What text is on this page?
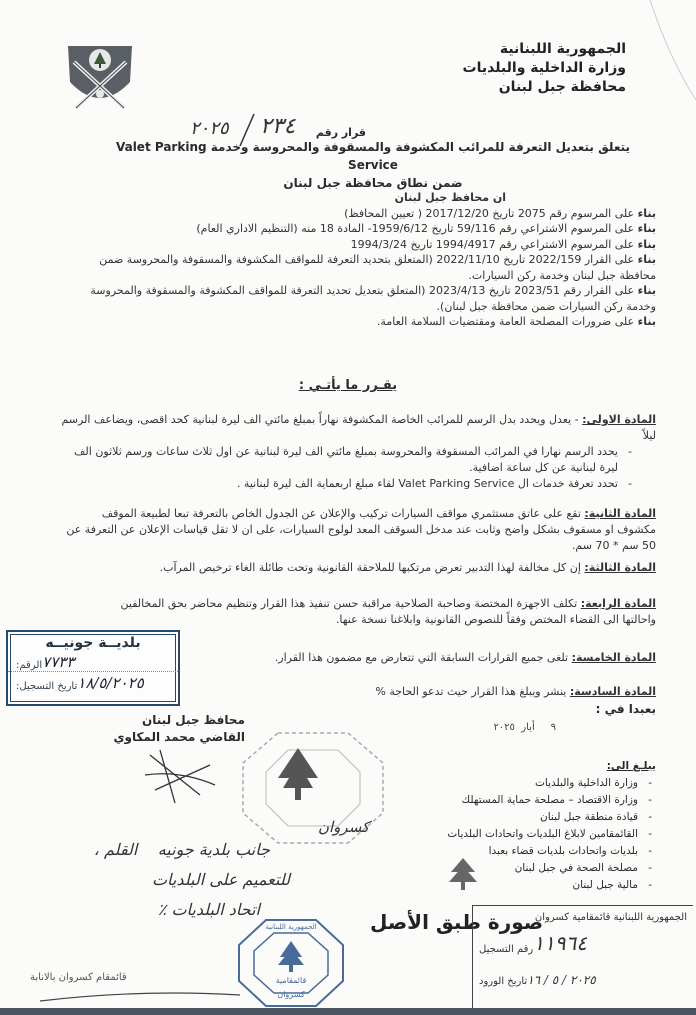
الجمهورية اللبنانية
وزارة الداخلية والبلديات
محافظة جبل لبنان
قرار رقم
٢٣٤
٢٠٢٥
يتعلق بتعديل التعرفة للمرائب المكشوفة والمسقوفة والمحروسة وخدمة Valet Parking Service
ضمن نطاق محافظة جبل لبنان
ان محافظ جبل لبنان
بناء على المرسوم رقم 2075 تاريخ 2017/12/20 ( تعيين المحافظ)
بناء على المرسوم الاشتراعي رقم 59/116 تاريخ 1959/6/12- المادة 18 منه (التنظيم الاداري العام)
بناء على المرسوم الاشتراعي رقم 1994/4917 تاريخ 1994/3/24
بناء على القرار 2022/159 تاريخ 2022/11/10 (المتعلق بتحديد التعرفة للمواقف المكشوفة والمسقوفة والمحروسة ضمن محافظة جبل لبنان وخدمة ركن السيارات.
بناء على القرار رقم 2023/51 تاريخ 2023/4/13 (المتعلق بتعديل تحديد التعرفة للمواقف المكشوفة والمسقوفة والمحروسة وخدمة ركن السيارات ضمن محافظة جبل لبنان).
بناء على ضرورات المصلحة العامة ومقتضيات السلامة العامة.
يقـرر ما يأتـي :
المادة الاولى: - يعدل ويحدد بدل الرسم للمرائب الخاصة المكشوفة نهاراً بمبلغ مائتي الف ليرة لبنانية كحد اقصى، ويضاعف الرسم ليلاً
- يحدد الرسم نهارا في المرائب المسقوفة والمحروسة بمبلغ مائتي الف ليرة لبنانية عن اول ثلاث ساعات ورسم ثلاثون الف ليرة لبنانية عن كل ساعة اضافية.
- تحدد تعرفة خدمات ال Valet Parking Service لقاء مبلغ اربعماية الف ليرة لبنانية .
المادة الثانية: تقع على عاتق مستثمري مواقف السيارات تركيب والإعلان عن الجدول الخاص بالتعرفة تبعا لطبيعة الموقف مكشوف او مسقوف بشكل واضح وثابت عند مدخل السوقف المعد لولوج السيارات، على ان لا تقل قياسات الإعلان عن التعرفة عن 50 سم * 70 سم.
المادة الثالثة: إن كل مخالفة لهذا التدبير تعرض مرتكبها للملاحقة القانونية وتحت طائلة الغاء ترخيص المرآب.
المادة الرابعة: تكلف الاجهزة المختصة وصاحبة الصلاحية مراقبة حسن تنفيذ هذا القرار وتنظيم محاضر بحق المخالفين واحالتها الى القضاء المختص وفقاً للنصوص القانونية وابلاغنا نسخة عنها.
المادة الخامسة: تلغى جميع القرارات السابقة التي تتعارض مع مضمون هذا القرار.
المادة السادسة: ينشر ويبلغ هذا القرار حيث تدعو الحاجة %
بعبدا في :
٩     أيار  ٢٠٢٥
بلديــة جونيــه
الرقم: ٧٧٣٣
تاريخ التسجيل: ١٨/٥/٢٠٢٥
محافظ جبل لبنان
القاضي محمد المكاوي
كسروان
يبلـغ الى:
- وزارة الداخلية والبلديات
- وزارة الاقتصاد – مصلحة حماية المستهلك
- قيادة منطقة جبل لبنان
- القائمقامين لابلاغ البلديات واتحادات البلديات
- بلديات واتحادات بلديات قضاء بعبدا
- مصلحة الصحة في جبل لبنان
- مالية جبل لبنان
جانب بلدية جونيه    القلم ،
للتعميم على البلديات
اتحاد البلديات ٪
قائمقامية
كسروان
الجمهورية اللبنانية
قائمقام كسروان بالانابة
صورة طبق الأصل
الجمهورية اللبنانية قائمقامية كسروان
رقم التسجيل ١١٩٦٤
تاريخ الورود ٢٠٢٥ / ٥ / ١٦
